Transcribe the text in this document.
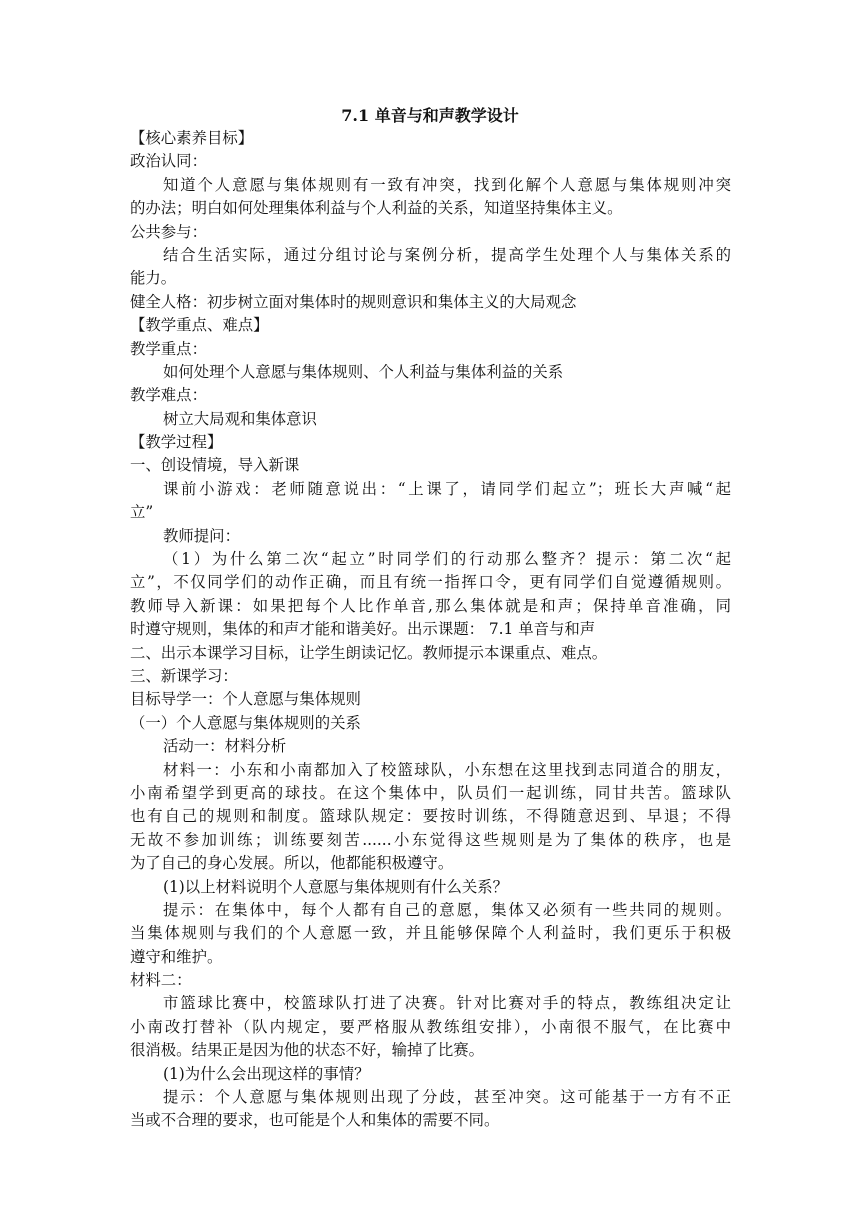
7.1 单音与和声教学设计
【核心素养目标】
政治认同：
知道个人意愿与集体规则有一致有冲突，找到化解个人意愿与集体规则冲突
的办法；明白如何处理集体利益与个人利益的关系，知道坚持集体主义。
公共参与：
结合生活实际，通过分组讨论与案例分析，提高学生处理个人与集体关系的
能力。
健全人格：初步树立面对集体时的规则意识和集体主义的大局观念
【教学重点、难点】
教学重点：
如何处理个人意愿与集体规则、个人利益与集体利益的关系
教学难点：
树立大局观和集体意识
【教学过程】
一、创设情境，导入新课
课前小游戏：老师随意说出：“上课了，请同学们起立”；班长大声喊“起
立”
教师提问：
（1）为什么第二次“起立”时同学们的行动那么整齐？提示：第二次“起
立”，不仅同学们的动作正确，而且有统一指挥口令，更有同学们自觉遵循规则。
教师导入新课：如果把每个人比作单音,那么集体就是和声；保持单音准确，同
时遵守规则，集体的和声才能和谐美好。出示课题： 7.1 单音与和声
二、出示本课学习目标，让学生朗读记忆。教师提示本课重点、难点。
三、新课学习：
目标导学一：个人意愿与集体规则
（一）个人意愿与集体规则的关系
活动一：材料分析
材料一：小东和小南都加入了校篮球队，小东想在这里找到志同道合的朋友，
小南希望学到更高的球技。在这个集体中，队员们一起训练，同甘共苦。篮球队
也有自己的规则和制度。篮球队规定：要按时训练，不得随意迟到、早退；不得
无故不参加训练；训练要刻苦......小东觉得这些规则是为了集体的秩序，也是
为了自己的身心发展。所以，他都能积极遵守。
(1)以上材料说明个人意愿与集体规则有什么关系？
提示：在集体中，每个人都有自己的意愿，集体又必须有一些共同的规则。
当集体规则与我们的个人意愿一致，并且能够保障个人利益时，我们更乐于积极
遵守和维护。
材料二：
市篮球比赛中，校篮球队打进了决赛。针对比赛对手的特点，教练组决定让
小南改打替补（队内规定，要严格服从教练组安排），小南很不服气，在比赛中
很消极。结果正是因为他的状态不好，输掉了比赛。
(1)为什么会出现这样的事情？
提示：个人意愿与集体规则出现了分歧，甚至冲突。这可能基于一方有不正
当或不合理的要求，也可能是个人和集体的需要不同。
